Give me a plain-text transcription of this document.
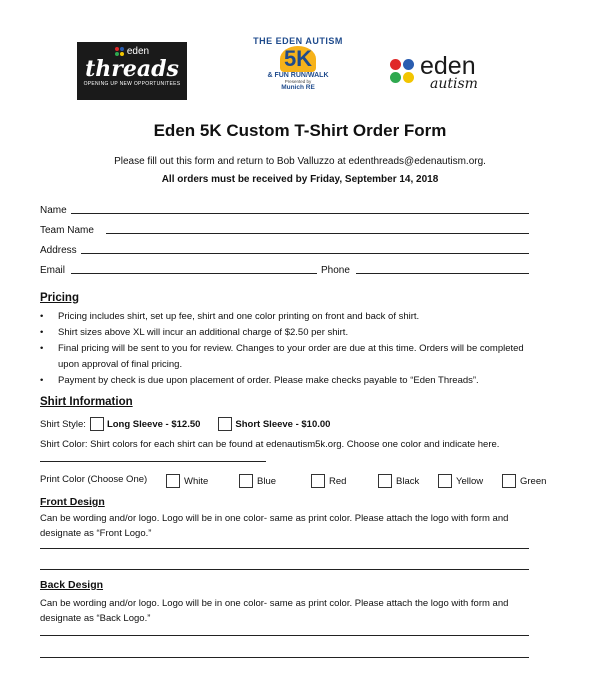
eden
threads
OPENING UP NEW OPPORTUNITEES
THE EDEN AUTISM
5K
& FUN RUN/WALK
Presented by
Munich RE
eden
autism
Eden 5K Custom T-Shirt Order Form
Please fill out this form and return to Bob Valluzzo at edenthreads@edenautism.org.
All orders must be received by Friday, September 14, 2018
Name
Team Name
Address
Email	Phone
Pricing
• Pricing includes shirt, set up fee, shirt and one color printing on front and back of shirt.
• Shirt sizes above XL will incur an additional charge of $2.50 per shirt.
• Final pricing will be sent to you for review. Changes to your order are due at this time. Orders will be completed upon approval of final pricing.
• Payment by check is due upon placement of order. Please make checks payable to “Eden Threads”.
Shirt Information
Shirt Style: Long Sleeve - $12.50	Short Sleeve - $10.00
Shirt Color: Shirt colors for each shirt can be found at edenautism5k.org. Choose one color and indicate here.
Print Color (Choose One)	White	Blue	Red	Black	Yellow	Green
Front Design
Can be wording and/or logo. Logo will be in one color- same as print color. Please attach the logo with form and designate as “Front Logo.”
Back Design
Can be wording and/or logo. Logo will be in one color- same as print color. Please attach the logo with form and designate as “Back Logo.”
